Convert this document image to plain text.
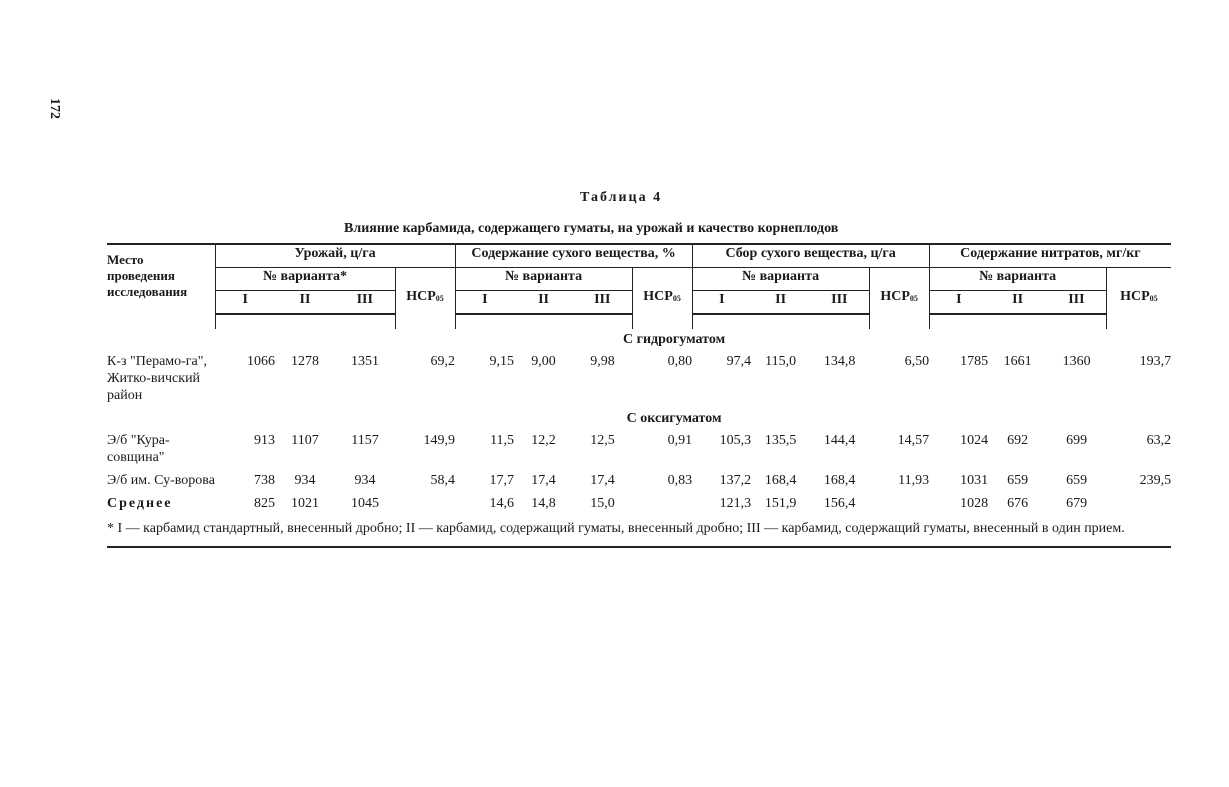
172
Таблица 4
Влияние карбамида, содержащего гуматы, на урожай и качество корнеплодов
Место проведения исследования	Урожай, ц/га				Содержание сухого вещества, %				Сбор сухого вещества, ц/га				Содержание нитратов, мг/кг			
	№ варианта*			НСР05	№ варианта			НСР05	№ варианта			НСР05	№ варианта			НСР05
	I	II	III		I	II	III		I	II	III		I	II	III	

С гидрогуматом																
К-з "Перамо-га", Житко-вичский район	1066	1278	1351	69,2	9,15	9,00	9,98	0,80	97,4	115,0	134,8	6,50	1785	1661	1360	193,7
С оксигуматом																
Э/б "Кура-совщина"	913	1107	1157	149,9	11,5	12,2	12,5	0,91	105,3	135,5	144,4	14,57	1024	692	699	63,2
Э/б им. Су-ворова	738	934	934	58,4	17,7	17,4	17,4	0,83	137,2	168,4	168,4	11,93	1031	659	659	239,5
Среднее	825	1021	1045		14,6	14,8	15,0		121,3	151,9	156,4		1028	676	679	
* I — карбамид стандартный, внесенный дробно; II — карбамид, содержащий гуматы, внесенный дробно; III — карбамид, содержащий гуматы, внесенный в один прием.																
